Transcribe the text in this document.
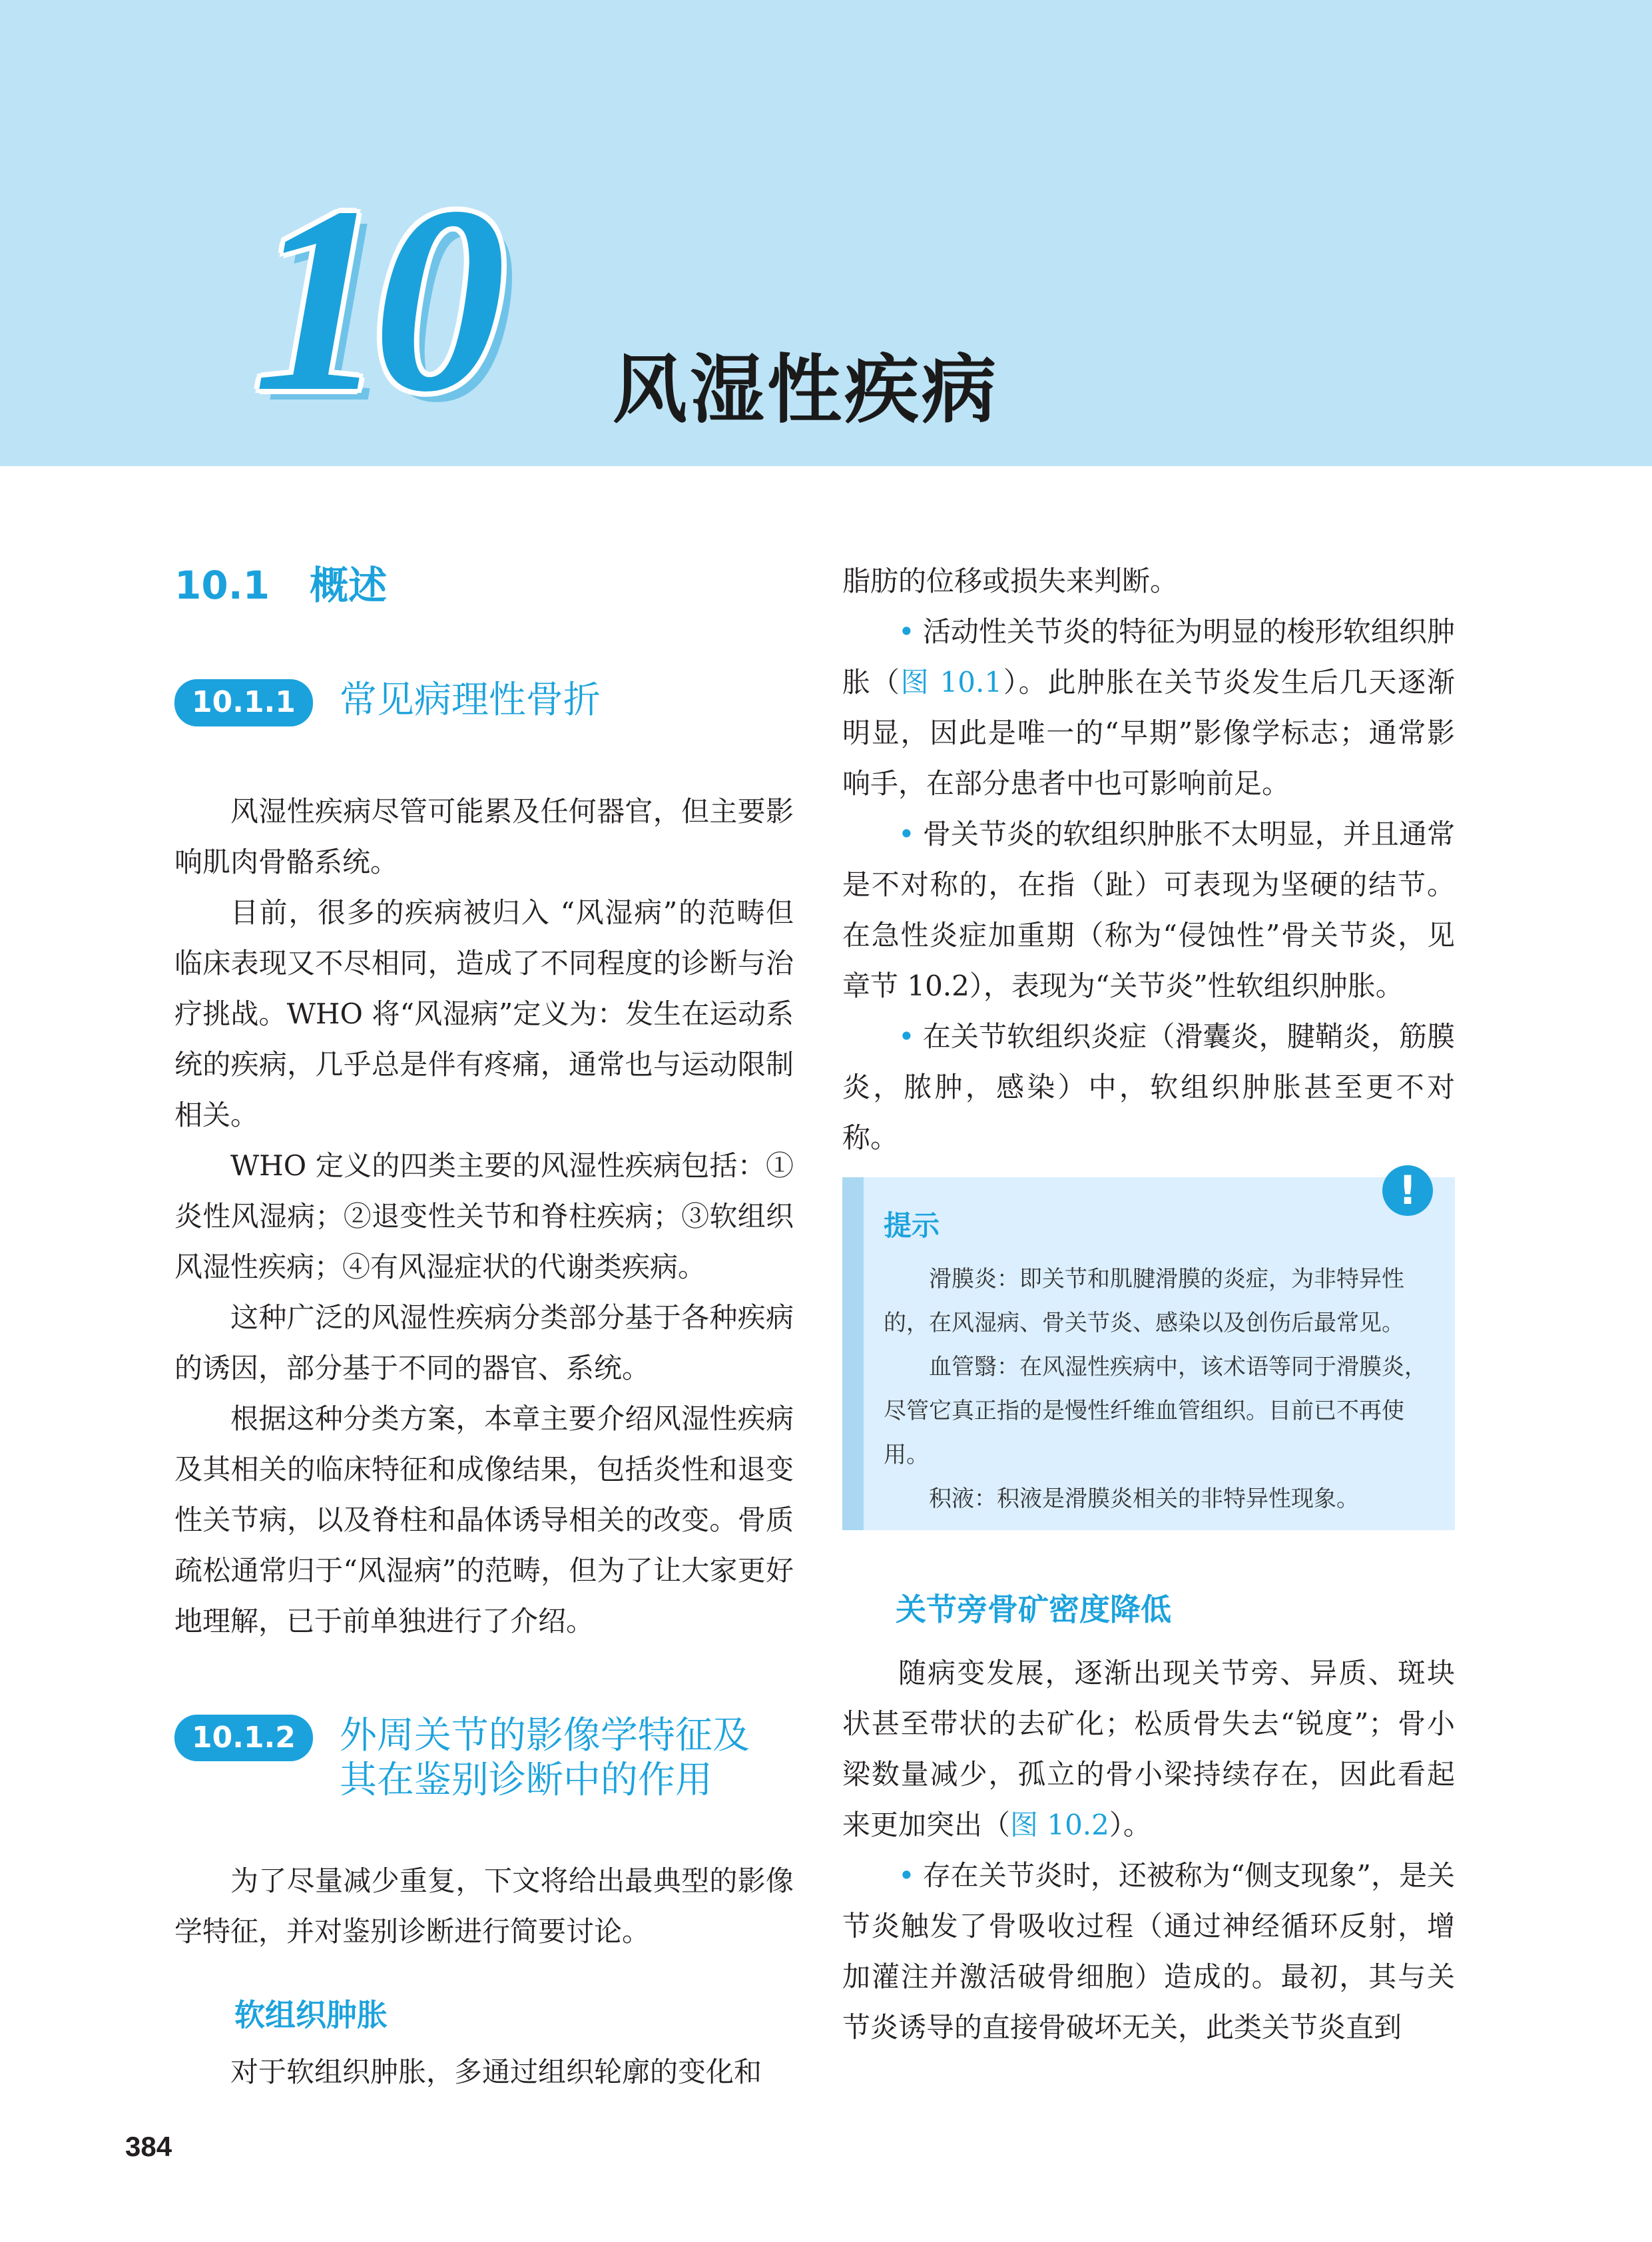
10 风湿性疾病
10.1 概述
10.1.1	常见病理性骨折

风湿性疾病尽管可能累及任何器官，但主要影响肌肉骨骼系统。

目前，很多的疾病被归入 “风湿病”的范畴但临床表现又不尽相同，造成了不同程度的诊断与治疗挑战。WHO 将“风湿病”定义为：发生在运动系统的疾病，几乎总是伴有疼痛，通常也与运动限制相关。

WHO 定义的四类主要的风湿性疾病包括：①炎性风湿病；②退变性关节和脊柱疾病；③软组织风湿性疾病；④有风湿症状的代谢类疾病。

这种广泛的风湿性疾病分类部分基于各种疾病的诱因，部分基于不同的器官、系统。

根据这种分类方案，本章主要介绍风湿性疾病及其相关的临床特征和成像结果，包括炎性和退变性关节病，以及脊柱和晶体诱导相关的改变。骨质疏松通常归于“风湿病”的范畴，但为了让大家更好地理解，已于前单独进行了介绍。

10.1.2	外周关节的影像学特征及
其在鉴别诊断中的作用

为了尽量减少重复，下文将给出最典型的影像学特征，并对鉴别诊断进行简要讨论。

软组织肿胀

对于软组织肿胀，多通过组织轮廓的变化和

脂肪的位移或损失来判断。

• 活动性关节炎的特征为明显的梭形软组织肿胀（图 10.1）。此肿胀在关节炎发生后几天逐渐明显，因此是唯一的“早期”影像学标志；通常影响手，在部分患者中也可影响前足。

• 骨关节炎的软组织肿胀不太明显，并且通常是不对称的，在指（趾）可表现为坚硬的结节。在急性炎症加重期（称为“侵蚀性”骨关节炎，见章节 10.2），表现为“关节炎”性软组织肿胀。

• 在关节软组织炎症（滑囊炎，腱鞘炎，筋膜炎，脓肿，感染）中，软组织肿胀甚至更不对称。

提示

滑膜炎：即关节和肌腱滑膜的炎症，为非特异性的，在风湿病、骨关节炎、感染以及创伤后最常见。

血管翳：在风湿性疾病中，该术语等同于滑膜炎，尽管它真正指的是慢性纤维血管组织。目前已不再使用。

积液：积液是滑膜炎相关的非特异性现象。

!
关节旁骨矿密度降低

随病变发展，逐渐出现关节旁、异质、斑块状甚至带状的去矿化；松质骨失去“锐度”；骨小梁数量减少，孤立的骨小梁持续存在，因此看起来更加突出（图 10.2）。

• 存在关节炎时，还被称为“侧支现象”，是关节炎触发了骨吸收过程（通过神经循环反射，增加灌注并激活破骨细胞）造成的。最初，其与关节炎诱导的直接骨破坏无关，此类关节炎直到

384
